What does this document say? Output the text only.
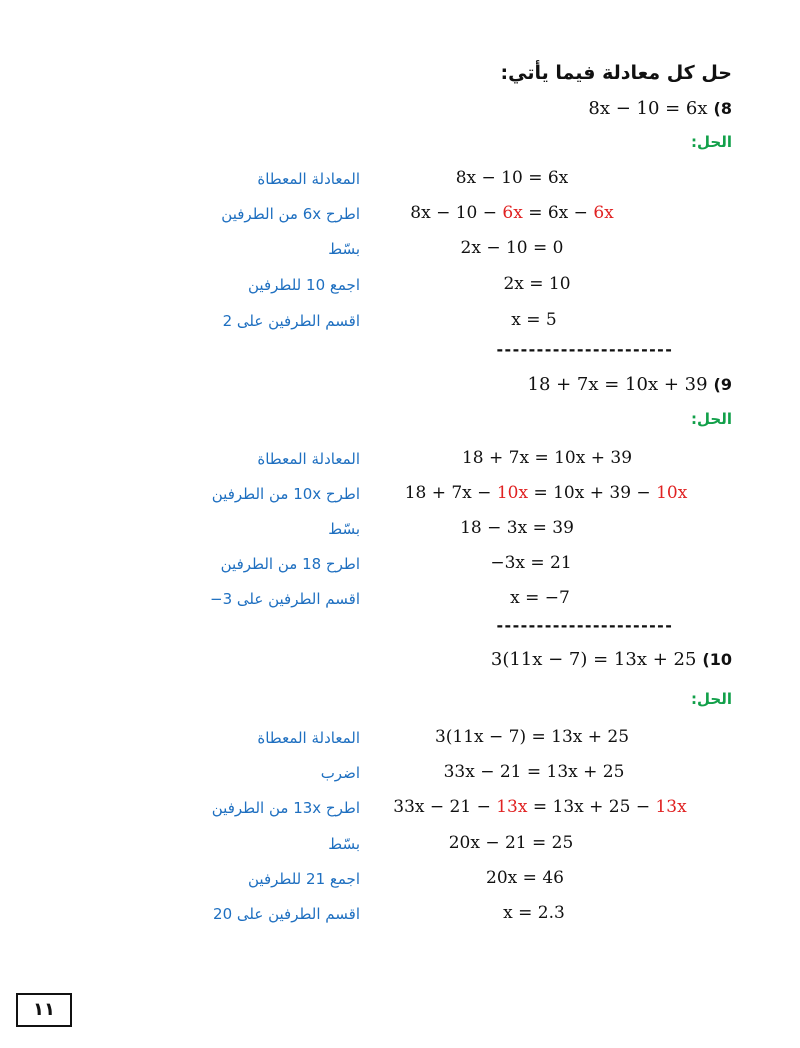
حل كل معادلة فيما يأتي:
8x − 10 = 6x (8
الحل:
8x − 10 = 6x
المعادلة المعطاة
8x − 10 − 6x = 6x − 6x
اطرح 6x من الطرفين
2x − 10 = 0
بسّط
2x = 10
اجمع 10 للطرفين
x = 5
اقسم الطرفين على 2
----------------------
18 + 7x = 10x + 39 (9
الحل:
18 + 7x = 10x + 39
المعادلة المعطاة
18 + 7x − 10x = 10x + 39 − 10x
اطرح 10x من الطرفين
18 − 3x = 39
بسّط
−3x = 21
اطرح 18 من الطرفين
x = −7
اقسم الطرفين على 3−
----------------------
3(11x − 7) = 13x + 25 (10
الحل:
3(11x − 7) = 13x + 25
المعادلة المعطاة
33x − 21 = 13x + 25
اضرب
33x − 21 − 13x = 13x + 25 − 13x
اطرح 13x من الطرفين
20x − 21 = 25
بسّط
20x = 46
اجمع 21 للطرفين
x = 2.3
اقسم الطرفين على 20
١١
